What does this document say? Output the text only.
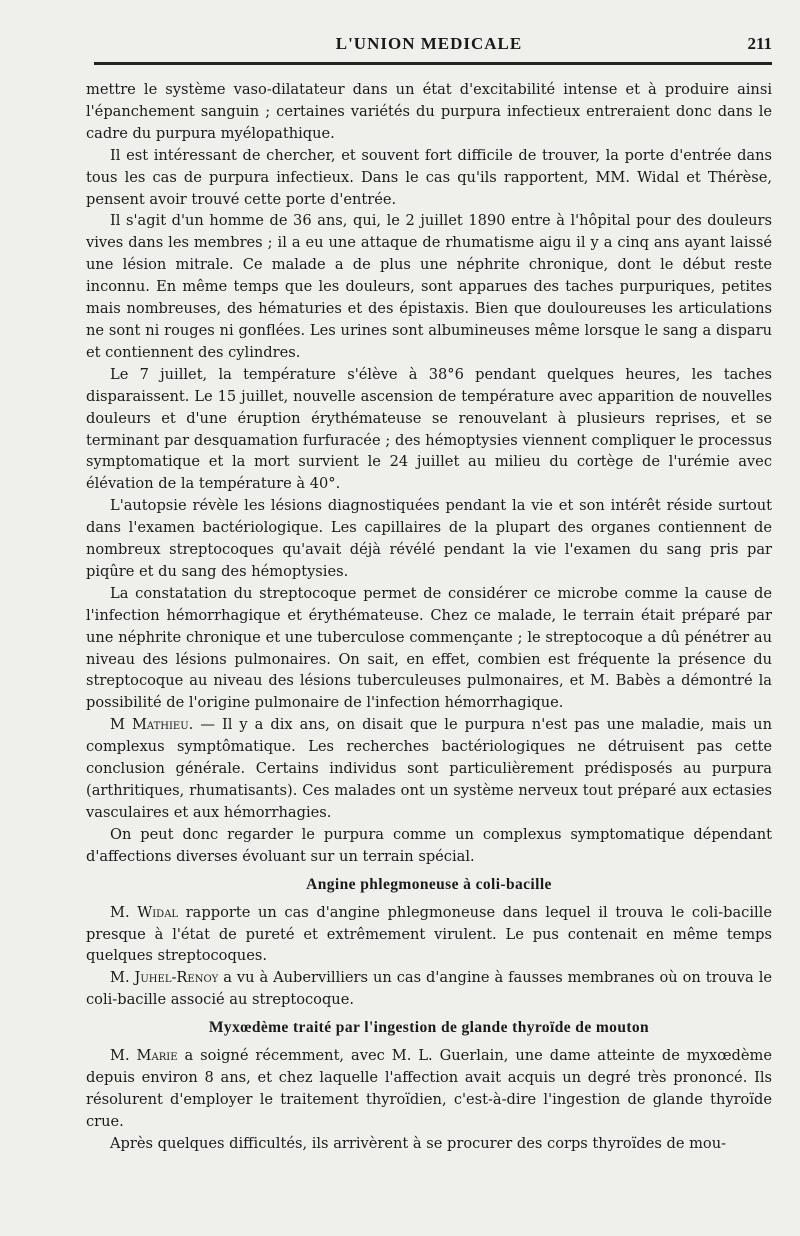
L'UNION MEDICALE	211

mettre le système vaso-dilatateur dans un état d'excitabilité intense et à produire ainsi l'épanchement sanguin ; certaines variétés du purpura infectieux entreraient donc dans le cadre du purpura myélopathique.

Il est intéressant de chercher, et souvent fort difficile de trouver, la porte d'entrée dans tous les cas de purpura infectieux. Dans le cas qu'ils rapportent, MM. Widal et Thérèse, pensent avoir trouvé cette porte d'entrée.

Il s'agit d'un homme de 36 ans, qui, le 2 juillet 1890 entre à l'hôpital pour des douleurs vives dans les membres ; il a eu une attaque de rhumatisme aigu il y a cinq ans ayant laissé une lésion mitrale. Ce malade a de plus une néphrite chronique, dont le début reste inconnu. En même temps que les douleurs, sont apparues des taches purpuriques, petites mais nombreuses, des hématuries et des épistaxis. Bien que douloureuses les articulations ne sont ni rouges ni gonflées. Les urines sont albumineuses même lorsque le sang a disparu et contiennent des cylindres.

Le 7 juillet, la température s'élève à 38°6 pendant quelques heures, les taches disparaissent. Le 15 juillet, nouvelle ascension de température avec apparition de nouvelles douleurs et d'une éruption érythémateuse se renouvelant à plusieurs reprises, et se terminant par desquamation furfuracée ; des hémoptysies viennent compliquer le processus symptomatique et la mort survient le 24 juillet au milieu du cortège de l'urémie avec élévation de la température à 40°.

L'autopsie révèle les lésions diagnostiquées pendant la vie et son intérêt réside surtout dans l'examen bactériologique. Les capillaires de la plupart des organes contiennent de nombreux streptocoques qu'avait déjà révélé pendant la vie l'examen du sang pris par piqûre et du sang des hémoptysies.

La constatation du streptocoque permet de considérer ce microbe comme la cause de l'infection hémorrhagique et érythémateuse. Chez ce malade, le terrain était préparé par une néphrite chronique et une tuberculose commençante ; le streptocoque a dû pénétrer au niveau des lésions pulmonaires. On sait, en effet, combien est fréquente la présence du streptocoque au niveau des lésions tuberculeuses pulmonaires, et M. Babès a démontré la possibilité de l'origine pulmonaire de l'infection hémorrhagique.

M Mathieu. — Il y a dix ans, on disait que le purpura n'est pas une maladie, mais un complexus symptômatique. Les recherches bactériologiques ne détruisent pas cette conclusion générale. Certains individus sont particulièrement prédisposés au purpura (arthritiques, rhumatisants). Ces malades ont un système nerveux tout préparé aux ectasies vasculaires et aux hémorrhagies.

On peut donc regarder le purpura comme un complexus symptomatique dépendant d'affections diverses évoluant sur un terrain spécial.

Angine phlegmoneuse à coli-bacille

M. Widal rapporte un cas d'angine phlegmoneuse dans lequel il trouva le coli-bacille presque à l'état de pureté et extrêmement virulent. Le pus contenait en même temps quelques streptocoques.

M. Juhel-Renoy a vu à Aubervilliers un cas d'angine à fausses membranes où on trouva le coli-bacille associé au streptocoque.

Myxœdème traité par l'ingestion de glande thyroïde de mouton

M. Marie a soigné récemment, avec M. L. Guerlain, une dame atteinte de myxœdème depuis environ 8 ans, et chez laquelle l'affection avait acquis un degré très prononcé. Ils résolurent d'employer le traitement thyroïdien, c'est-à-dire l'ingestion de glande thyroïde crue.

Après quelques difficultés, ils arrivèrent à se procurer des corps thyroïdes de mou-
